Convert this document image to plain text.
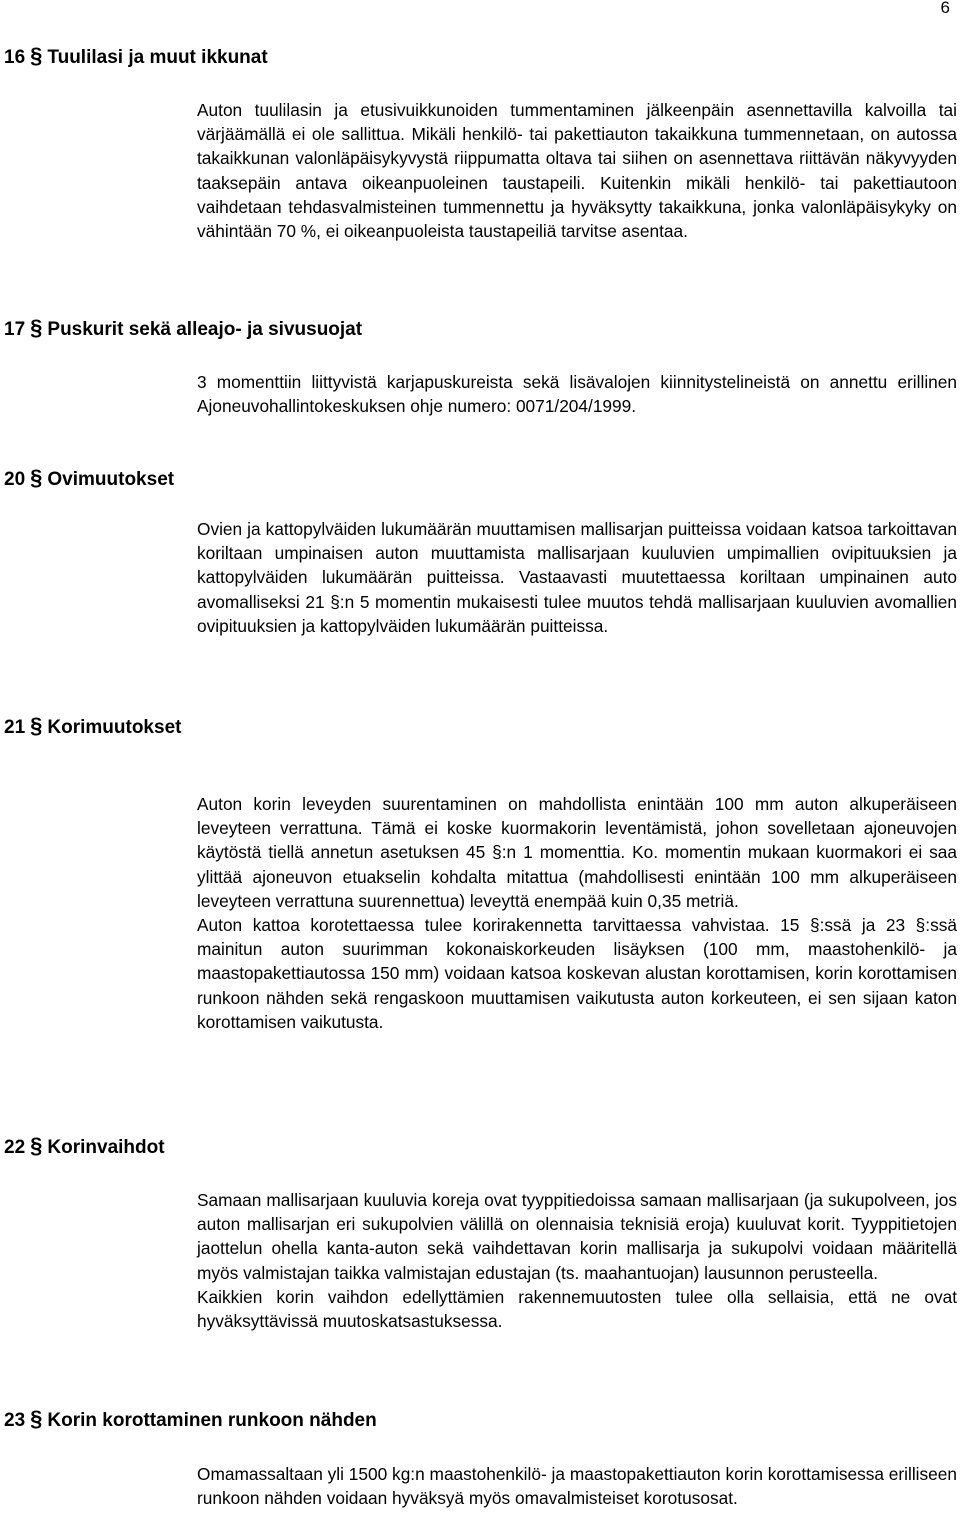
6
16 § Tuulilasi ja muut ikkunat

Auton tuulilasin ja etusivuikkunoiden tummentaminen jälkeenpäin asennettavilla kalvoilla tai värjäämällä ei ole sallittua. Mikäli henkilö- tai pakettiauton takaikkuna tummennetaan, on autossa takaikkunan valonläpäisykyvystä riippumatta oltava tai siihen on asennettava riittävän näkyvyyden taaksepäin antava oikeanpuoleinen taustapeili. Kuitenkin mikäli henkilö- tai pakettiautoon vaihdetaan tehdasvalmisteinen tummennettu ja hyväksytty takaikkuna, jonka valonläpäisykyky on vähintään 70 %, ei oikeanpuoleista taustapeiliä tarvitse asentaa.

17 § Puskurit sekä alleajo- ja sivusuojat

3 momenttiin liittyvistä karjapuskureista sekä lisävalojen kiinnitystelineistä on annettu erillinen Ajoneuvohallintokeskuksen ohje numero: 0071/204/1999.

20 § Ovimuutokset

Ovien ja kattopylväiden lukumäärän muuttamisen mallisarjan puitteissa voidaan katsoa tarkoittavan koriltaan umpinaisen auton muuttamista mallisarjaan kuuluvien umpimallien ovipituuksien ja kattopylväiden lukumäärän puitteissa. Vastaavasti muutettaessa koriltaan umpinainen auto avomalliseksi 21 §:n 5 momentin mukaisesti tulee muutos tehdä mallisarjaan kuuluvien avomallien ovipituuksien ja kattopylväiden lukumäärän puitteissa.

21 § Korimuutokset

Auton korin leveyden suurentaminen on mahdollista enintään 100 mm auton alkuperäiseen leveyteen verrattuna. Tämä ei koske kuormakorin leventämistä, johon sovelletaan ajoneuvojen käytöstä tiellä annetun asetuksen 45 §:n 1 momenttia. Ko. momentin mukaan kuormakori ei saa ylittää ajoneuvon etuakselin kohdalta mitattua (mahdollisesti enintään 100 mm alkuperäiseen leveyteen verrattuna suurennettua) leveyttä enempää kuin 0,35 metriä.

Auton kattoa korotettaessa tulee korirakennetta tarvittaessa vahvistaa. 15 §:ssä ja 23 §:ssä mainitun auton suurimman kokonaiskorkeuden lisäyksen (100 mm, maastohenkilö- ja maastopakettiautossa 150 mm) voidaan katsoa koskevan alustan korottamisen, korin korottamisen runkoon nähden sekä rengaskoon muuttamisen vaikutusta auton korkeuteen, ei sen sijaan katon korottamisen vaikutusta.

22 § Korinvaihdot

Samaan mallisarjaan kuuluvia koreja ovat tyyppitiedoissa samaan mallisarjaan (ja sukupolveen, jos auton mallisarjan eri sukupolvien välillä on olennaisia teknisiä eroja) kuuluvat korit. Tyyppitietojen jaottelun ohella kanta-auton sekä vaihdettavan korin mallisarja ja sukupolvi voidaan määritellä myös valmistajan taikka valmistajan edustajan (ts. maahantuojan) lausunnon perusteella.

Kaikkien korin vaihdon edellyttämien rakennemuutosten tulee olla sellaisia, että ne ovat hyväksyttävissä muutoskatsastuksessa.

23 § Korin korottaminen runkoon nähden

Omamassaltaan yli 1500 kg:n maastohenkilö- ja maastopakettiauton korin korottamisessa erilliseen runkoon nähden voidaan hyväksyä myös omavalmisteiset korotusosat.
